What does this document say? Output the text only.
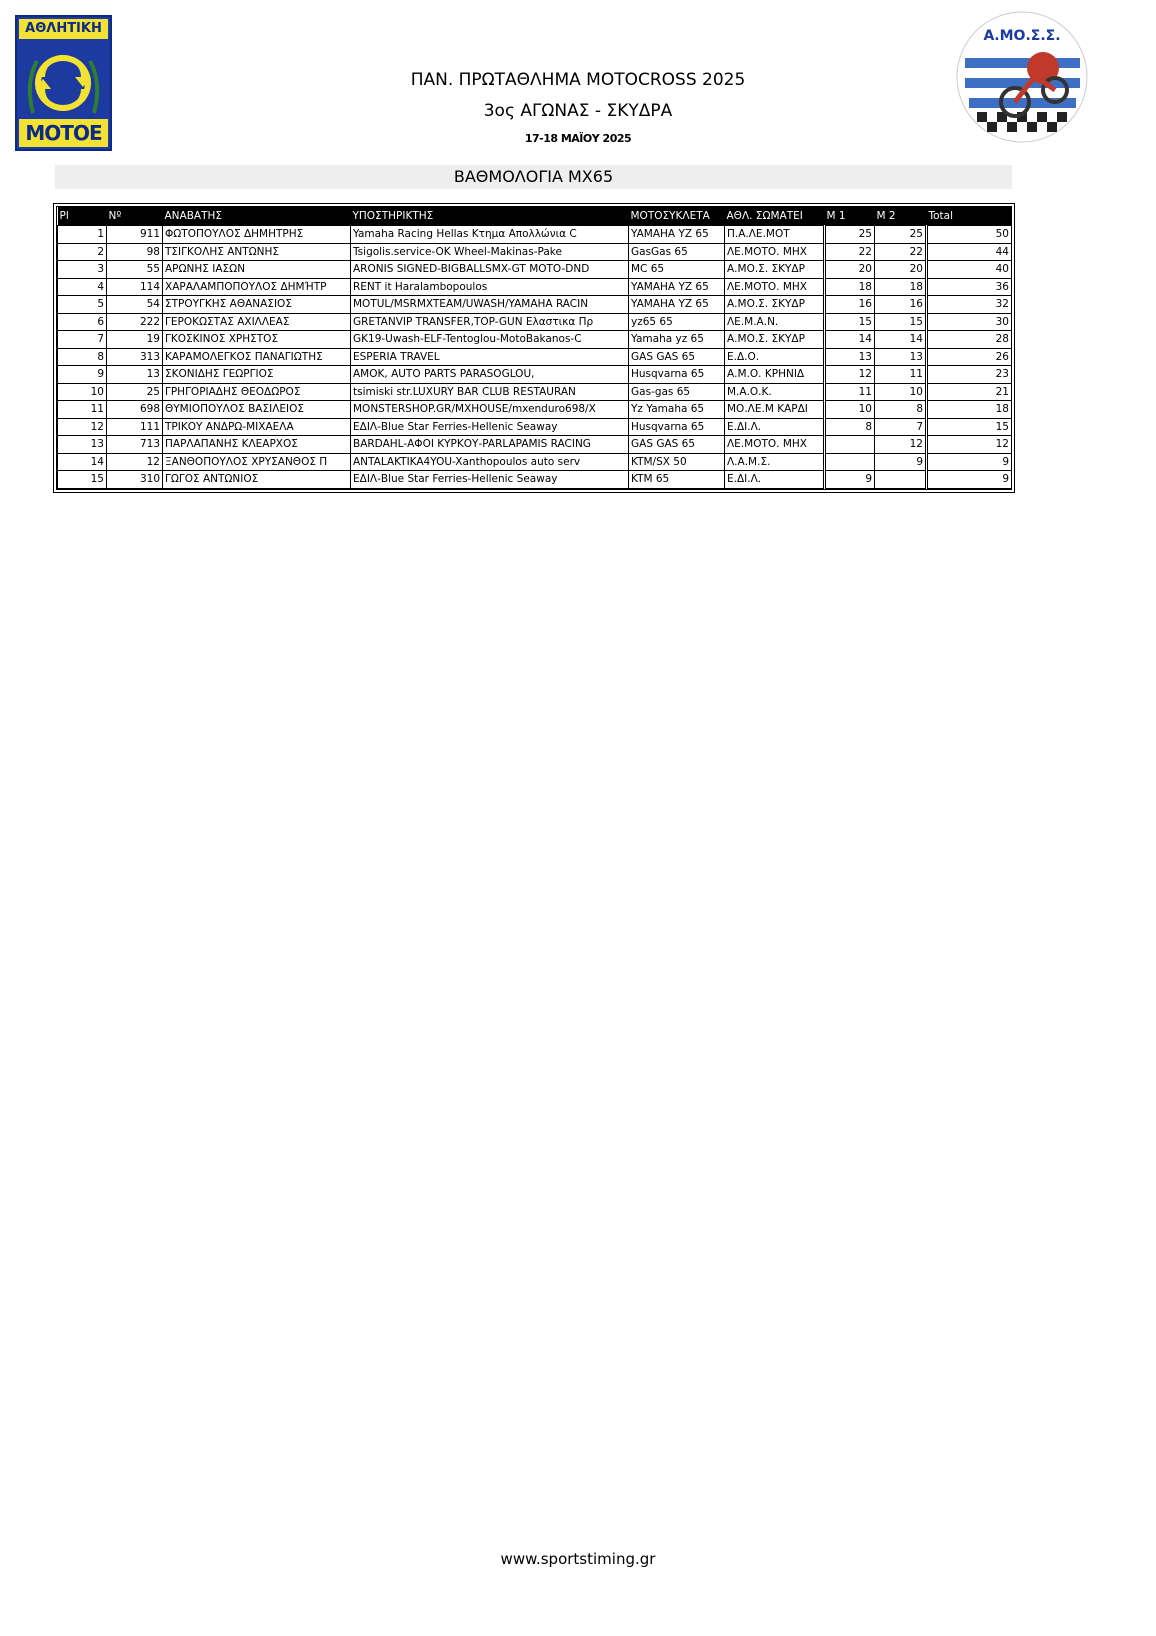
ΑΘΛΗΤΙΚΗ
ΜΟΤΟΕ
Α.ΜΟ.Σ.Σ.
ΠΑΝ. ΠΡΩΤΑΘΛΗΜΑ MOTOCROSS 2025
3ος ΑΓΩΝΑΣ - ΣΚΥΔΡΑ
17-18 ΜΑΪΟΥ 2025
ΒΑΘΜΟΛΟΓΙΑ MX65
Pl	Nº	ΑΝΑΒΑΤΗΣ	ΥΠΟΣΤΗΡΙΚΤΗΣ	ΜΟΤΟΣΥΚΛΕΤΑ	ΑΘΛ. ΣΩΜΑΤΕΙ	M 1	M 2	Total
1	911	ΦΩΤΟΠΟΥΛΟΣ ΔΗΜΗΤΡΗΣ	Yamaha Racing Hellas Κτημα Απολλώνια C	YAMAHA YZ 65	Π.Α.ΛΕ.ΜΟΤ	25	25	50
2	98	ΤΣΙΓΚΟΛΗΣ ΑΝΤΩΝΗΣ	Tsigolis.service-OK Wheel-Makinas-Pake	GasGas 65	ΛΕ.ΜΟΤΟ. ΜΗΧ	22	22	44
3	55	ΑΡΩΝΗΣ ΙΑΣΩΝ	ARONIS SIGNED-BIGBALLSMX-GT MOTO-DND	MC 65	Α.ΜΟ.Σ. ΣΚΥΔΡ	20	20	40
4	114	ΧΑΡΑΛΑΜΠΟΠΟΥΛΟΣ ΔΗΜΉΤΡ	RENT it Haralambopoulos	YAMAHA YZ 65	ΛΕ.ΜΟΤΟ. ΜΗΧ	18	18	36
5	54	ΣΤΡΟΥΓΚΗΣ ΑΘΑΝΑΣΙΟΣ	MOTUL/MSRMXTEAM/UWASH/YAMAHA RACIN	YAMAHA YZ 65	Α.ΜΟ.Σ. ΣΚΥΔΡ	16	16	32
6	222	ΓΕΡΟΚΩΣΤΑΣ ΑΧΙΛΛΕΑΣ	GRETANVIP TRANSFER,TOP-GUN Ελαστικα Πρ	yz65 65	ΛΕ.Μ.Α.Ν.	15	15	30
7	19	ΓΚΟΣΚΙΝΟΣ ΧΡΗΣΤΟΣ	GK19-Uwash-ELF-Tentoglou-MotoBakanos-C	Yamaha yz 65	Α.ΜΟ.Σ. ΣΚΥΔΡ	14	14	28
8	313	ΚΑΡΑΜΟΛΕΓΚΟΣ ΠΑΝΑΓΙΩΤΗΣ	ESPERIA TRAVEL	GAS GAS 65	Ε.Δ.Ο.	13	13	26
9	13	ΣΚΟΝΙΔΗΣ ΓΕΩΡΓΙΟΣ	AMOK, AUTO PARTS PARASOGLOU,	Husqvarna 65	Α.Μ.Ο. ΚΡΗΝΙΔ	12	11	23
10	25	ΓΡΗΓΟΡΙΑΔΗΣ ΘΕΟΔΩΡΟΣ	tsimiski str.LUXURY BAR CLUB RESTAURAN	Gas-gas 65	Μ.Α.Ο.Κ.	11	10	21
11	698	ΘΥΜΙΟΠΟΥΛΟΣ ΒΑΣΙΛΕΙΟΣ	MONSTERSHOP.GR/MXHOUSE/mxenduro698/X	Yz Yamaha 65	ΜΟ.ΛΕ.Μ ΚΑΡΔΙ	10	8	18
12	111	ΤΡΙΚΟΥ ΑΝΔΡΩ-ΜΙΧΑΕΛΑ	ΕΔΙΛ-Blue Star Ferries-Hellenic Seaway	Husqvarna 65	Ε.ΔΙ.Λ.	8	7	15
13	713	ΠΑΡΛΑΠΑΝΗΣ ΚΛΕΑΡΧΟΣ	BARDAHL-ΑΦΟΙ ΚΥΡΚΟΥ-PARLAPAMIS RACING	GAS GAS 65	ΛΕ.ΜΟΤΟ. ΜΗΧ		12	12
14	12	ΞΑΝΘΟΠΟΥΛΟΣ ΧΡΥΣΑΝΘΟΣ Π	ANTALAKTIKA4YOU-Xanthopoulos auto serv	KTM/SX 50	Λ.Α.Μ.Σ.		9	9
15	310	ΓΩΓΟΣ ΑΝΤΩΝΙΟΣ	ΕΔΙΛ-Blue Star Ferries-Hellenic Seaway	KTM 65	Ε.ΔΙ.Λ.	9		9
www.sportstiming.gr
